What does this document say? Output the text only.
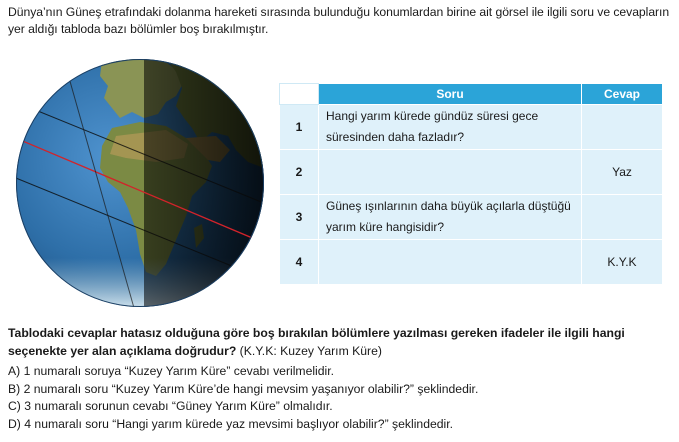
Dünya’nın Güneş etrafındaki dolanma hareketi sırasında bulunduğu konumlardan birine ait görsel ile ilgili soru ve cevapların yer aldığı tabloda bazı bölümler boş bırakılmıştır.
	Soru	Cevap
1	Hangi yarım kürede gündüz süresi gece süresinden daha fazladır?	
2		Yaz
3	Güneş ışınlarının daha büyük açılarla düştüğü yarım küre hangisidir?	
4		K.Y.K
Tablodaki cevaplar hatasız olduğuna göre boş bırakılan bölümlere yazılması gereken ifadeler ile ilgili hangi seçenekte yer alan açıklama doğrudur? (K.Y.K: Kuzey Yarım Küre)
A) 1 numaralı soruya “Kuzey Yarım Küre” cevabı verilmelidir.
B) 2 numaralı soru “Kuzey Yarım Küre’de hangi mevsim yaşanıyor olabilir?” şeklindedir.
C) 3 numaralı sorunun cevabı “Güney Yarım Küre” olmalıdır.
D) 4 numaralı soru “Hangi yarım kürede yaz mevsimi başlıyor olabilir?” şeklindedir.
